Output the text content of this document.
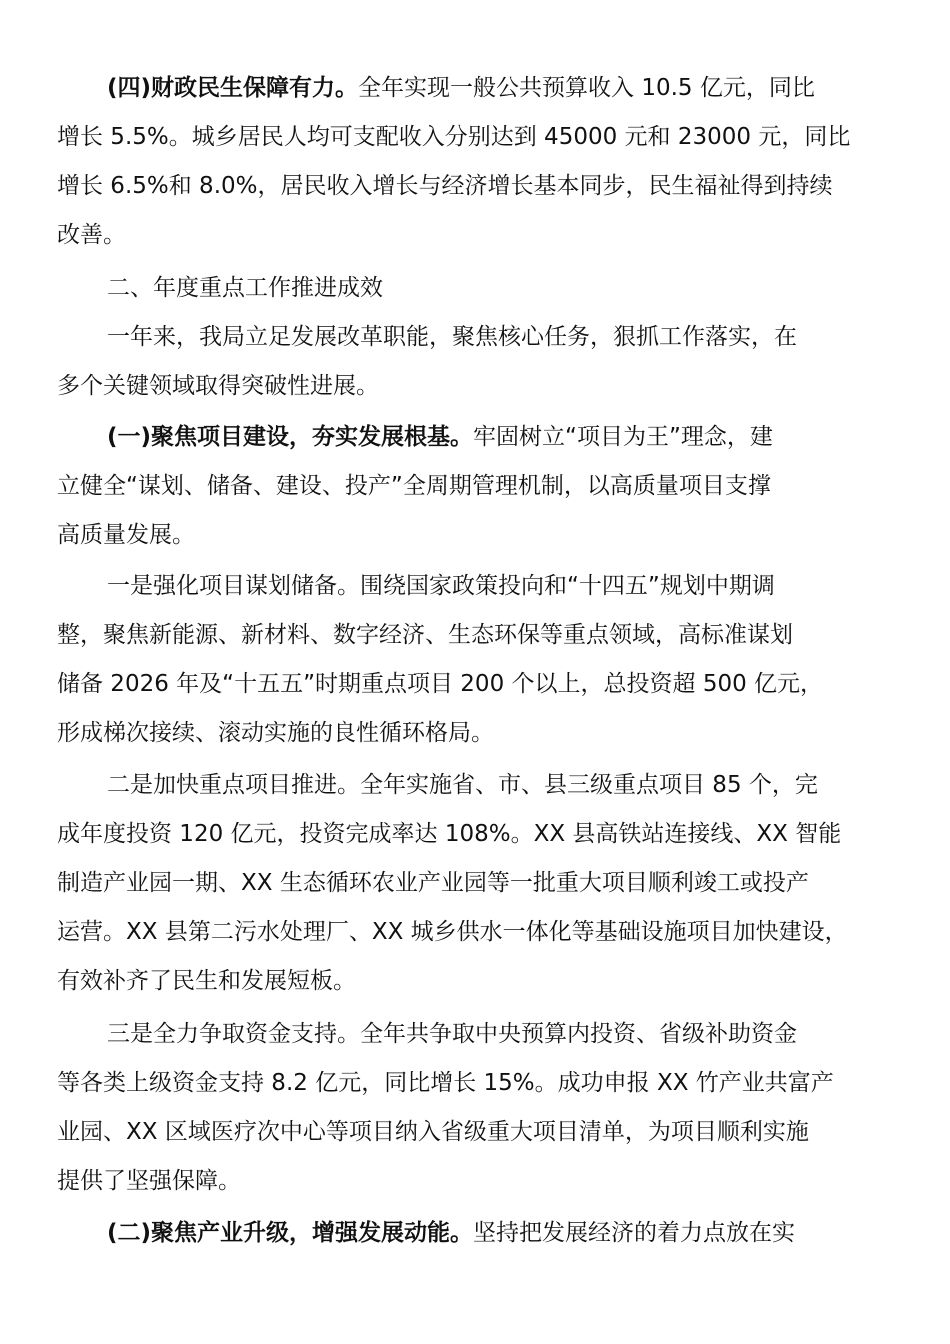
(四)财政民生保障有力。全年实现一般公共预算收入 10.5 亿元，同比
增长 5.5%。城乡居民人均可支配收入分别达到 45000 元和 23000 元，同比
增长 6.5%和 8.0%，居民收入增长与经济增长基本同步，民生福祉得到持续
改善。
二、年度重点工作推进成效
一年来，我局立足发展改革职能，聚焦核心任务，狠抓工作落实，在
多个关键领域取得突破性进展。
(一)聚焦项目建设，夯实发展根基。牢固树立“项目为王”理念，建
立健全“谋划、储备、建设、投产”全周期管理机制，以高质量项目支撑
高质量发展。
一是强化项目谋划储备。围绕国家政策投向和“十四五”规划中期调
整，聚焦新能源、新材料、数字经济、生态环保等重点领域，高标准谋划
储备 2026 年及“十五五”时期重点项目 200 个以上，总投资超 500 亿元，
形成梯次接续、滚动实施的良性循环格局。
二是加快重点项目推进。全年实施省、市、县三级重点项目 85 个，完
成年度投资 120 亿元，投资完成率达 108%。XX 县高铁站连接线、XX 智能
制造产业园一期、XX 生态循环农业产业园等一批重大项目顺利竣工或投产
运营。XX 县第二污水处理厂、XX 城乡供水一体化等基础设施项目加快建设，
有效补齐了民生和发展短板。
三是全力争取资金支持。全年共争取中央预算内投资、省级补助资金
等各类上级资金支持 8.2 亿元，同比增长 15%。成功申报 XX 竹产业共富产
业园、XX 区域医疗次中心等项目纳入省级重大项目清单，为项目顺利实施
提供了坚强保障。
(二)聚焦产业升级，增强发展动能。坚持把发展经济的着力点放在实
